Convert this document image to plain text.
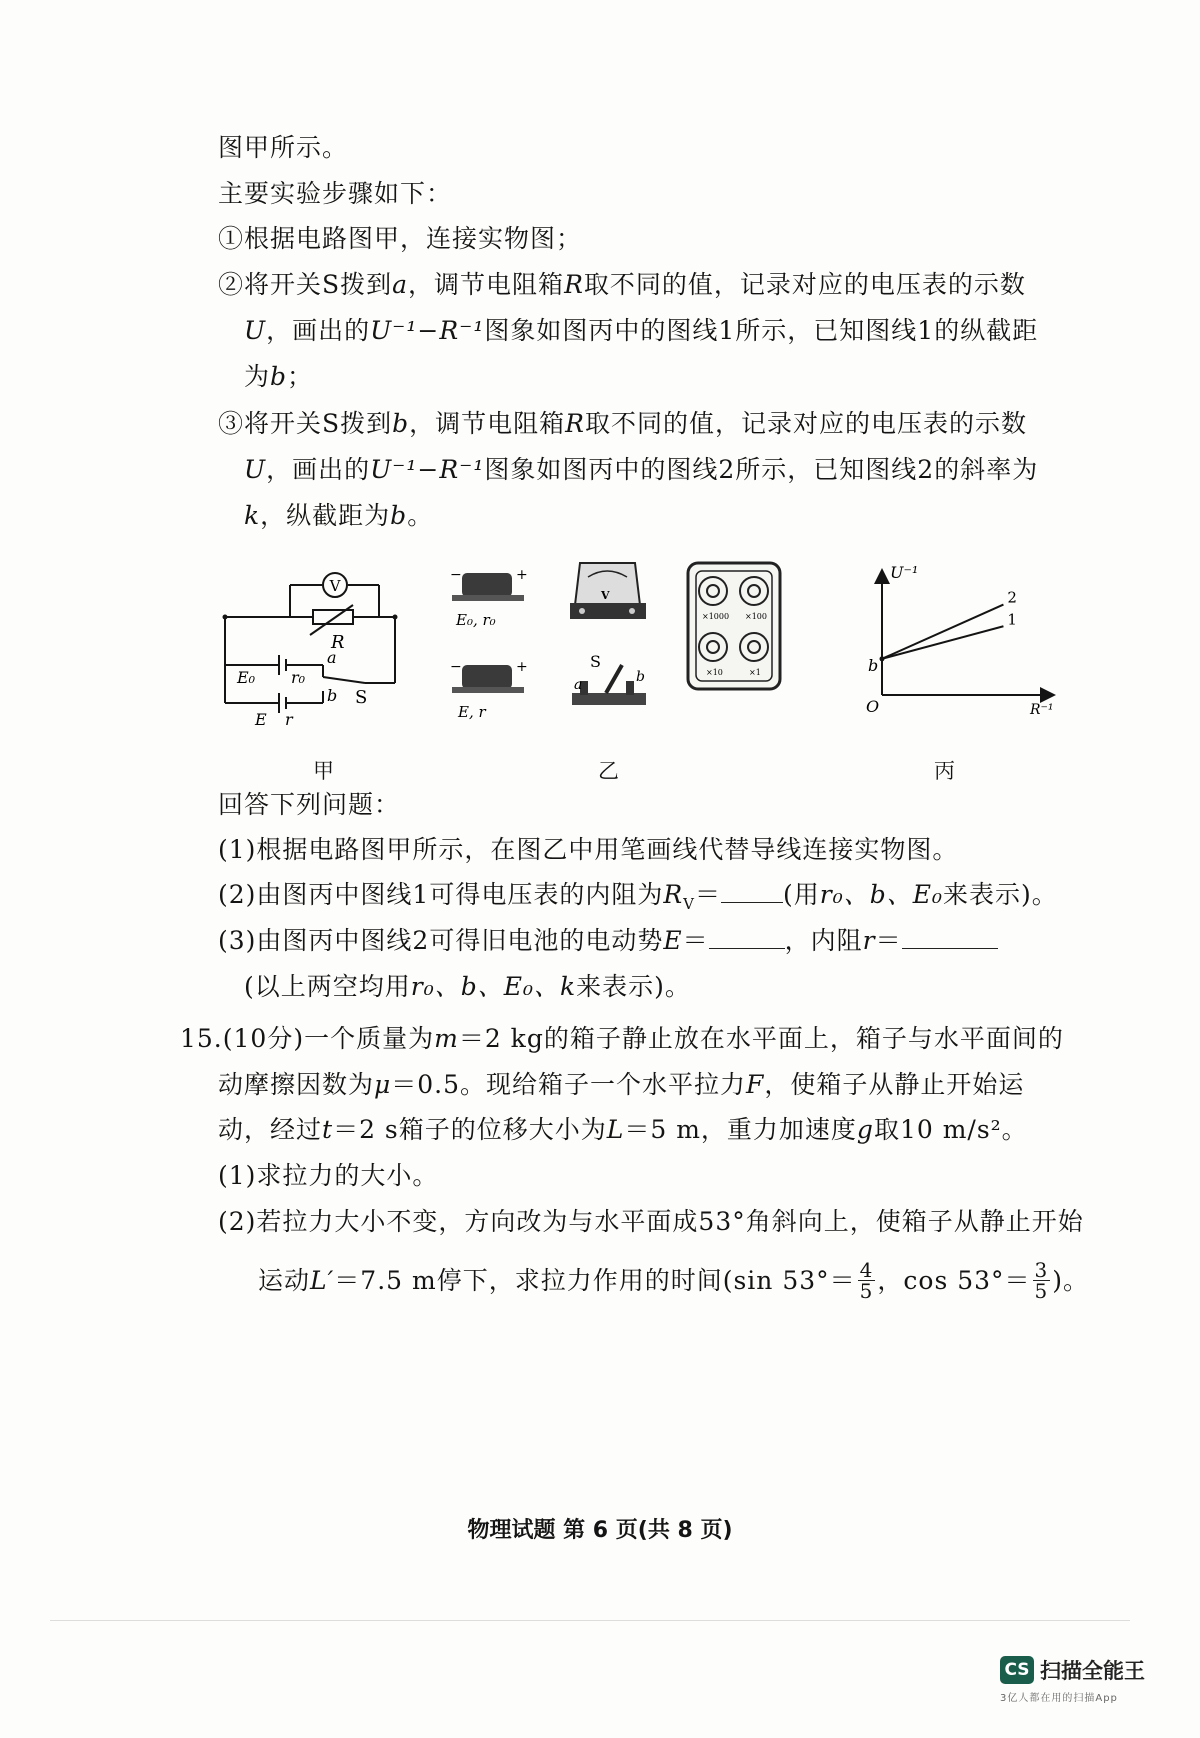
图甲所示。
主要实验步骤如下：
①根据电路图甲，连接实物图；
②将开关S拨到a，调节电阻箱R取不同的值，记录对应的电压表的示数
U，画出的U⁻¹−R⁻¹图象如图丙中的图线1所示，已知图线1的纵截距
为b；
③将开关S拨到b，调节电阻箱R取不同的值，记录对应的电压表的示数
U，画出的U⁻¹−R⁻¹图象如图丙中的图线2所示，已知图线2的斜率为
k，纵截距为b。
V
R
E₀ r₀
a
b S
E r
甲
−	+
E₀, r₀
−	+
E, r
V
S
a	b
×1000 ×100
×10	×1
乙
1
2
U⁻¹
R⁻¹
O
b
丙
回答下列问题：
(1)根据电路图甲所示，在图乙中用笔画线代替导线连接实物图。
(2)由图丙中图线1可得电压表的内阻为$R_V=$ (用r₀、b、E₀来表示)。
(3)由图丙中图线2可得旧电池的电动势E＝	，内阻r＝
(以上两空均用r₀、b、E₀、k来表示)。
15.(10分)一个质量为m＝2 kg的箱子静止放在水平面上，箱子与水平面间的
动摩擦因数为μ＝0.5。现给箱子一个水平拉力F，使箱子从静止开始运
动，经过t＝2 s箱子的位移大小为L＝5 m，重力加速度g取10 m/s²。
(1)求拉力的大小。
(2)若拉力大小不变，方向改为与水平面成53°角斜向上，使箱子从静止开始
运动L′＝7.5 m停下，求拉力作用的时间(sin $53^\circ= \frac{4}{5}$ ，$\cos 53^\circ= \frac{3}{5}$ )。
物理试题 第 6 页(共 8 页)
CS 扫描全能王
3亿人都在用的扫描App
